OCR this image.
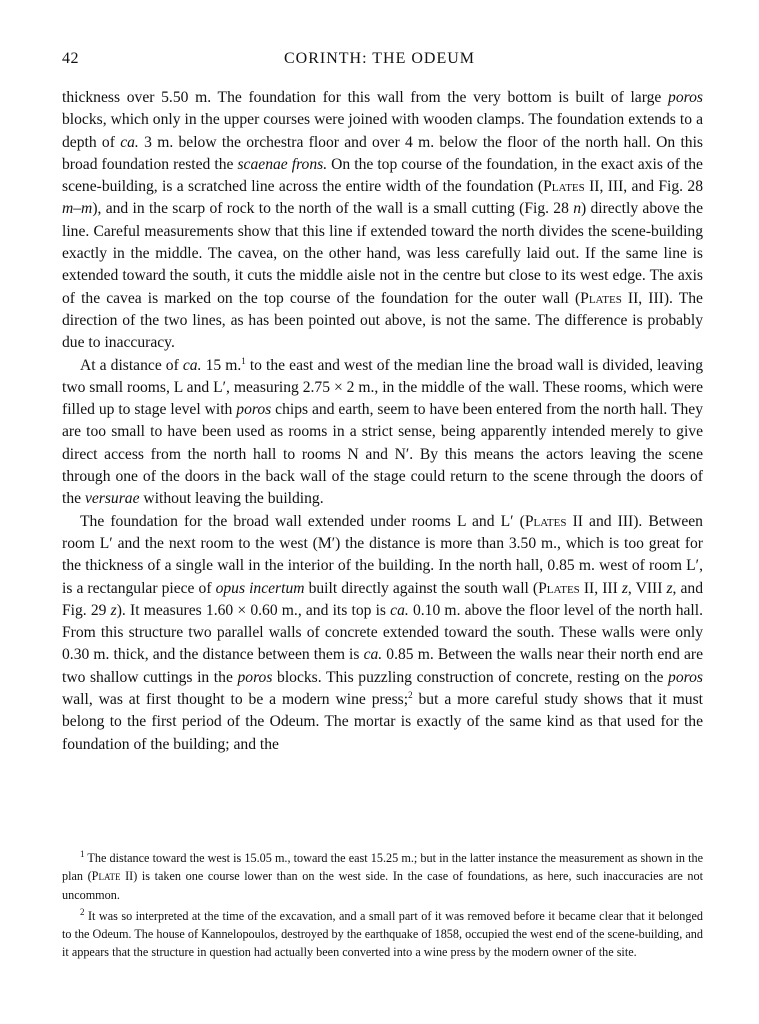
42	CORINTH: THE ODEUM

thickness over 5.50 m. The foundation for this wall from the very bottom is built of large poros blocks, which only in the upper courses were joined with wooden clamps. The foundation extends to a depth of ca. 3 m. below the orchestra floor and over 4 m. below the floor of the north hall. On this broad foundation rested the scaenae frons. On the top course of the foundation, in the exact axis of the scene-building, is a scratched line across the entire width of the foundation (Plates II, III, and Fig. 28 m–m), and in the scarp of rock to the north of the wall is a small cutting (Fig. 28 n) directly above the line. Careful measurements show that this line if extended toward the north divides the scene-building exactly in the middle. The cavea, on the other hand, was less carefully laid out. If the same line is extended toward the south, it cuts the middle aisle not in the centre but close to its west edge. The axis of the cavea is marked on the top course of the foundation for the outer wall (Plates II, III). The direction of the two lines, as has been pointed out above, is not the same. The difference is probably due to inaccuracy.

At a distance of ca. 15 m.$^1$ to the east and west of the median line the broad wall is divided, leaving two small rooms, L and L′, measuring 2.75 × 2 m., in the middle of the wall. These rooms, which were filled up to stage level with poros chips and earth, seem to have been entered from the north hall. They are too small to have been used as rooms in a strict sense, being apparently intended merely to give direct access from the north hall to rooms N and N′. By this means the actors leaving the scene through one of the doors in the back wall of the stage could return to the scene through the doors of the versurae without leaving the building.

The foundation for the broad wall extended under rooms L and L′ (Plates II and III). Between room L′ and the next room to the west (M′) the distance is more than 3.50 m., which is too great for the thickness of a single wall in the interior of the building. In the north hall, 0.85 m. west of room L′, is a rectangular piece of opus incertum built directly against the south wall (Plates II, III z, VIII z, and Fig. 29 z). It measures 1.60 × 0.60 m., and its top is ca. 0.10 m. above the floor level of the north hall. From this structure two parallel walls of concrete extended toward the south. These walls were only 0.30 m. thick, and the distance between them is ca. 0.85 m. Between the walls near their north end are two shallow cuttings in the poros blocks. This puzzling construction of concrete, resting on the poros wall, was at first thought to be a modern wine press;$^2$ but a more careful study shows that it must belong to the first period of the Odeum. The mortar is exactly of the same kind as that used for the foundation of the building; and the

$^1$ The distance toward the west is 15.05 m., toward the east 15.25 m.; but in the latter instance the measurement as shown in the plan (Plate II) is taken one course lower than on the west side. In the case of foundations, as here, such inaccuracies are not uncommon.

$^2$ It was so interpreted at the time of the excavation, and a small part of it was removed before it became clear that it belonged to the Odeum. The house of Kannelopoulos, destroyed by the earthquake of 1858, occupied the west end of the scene-building, and it appears that the structure in question had actually been converted into a wine press by the modern owner of the site.
